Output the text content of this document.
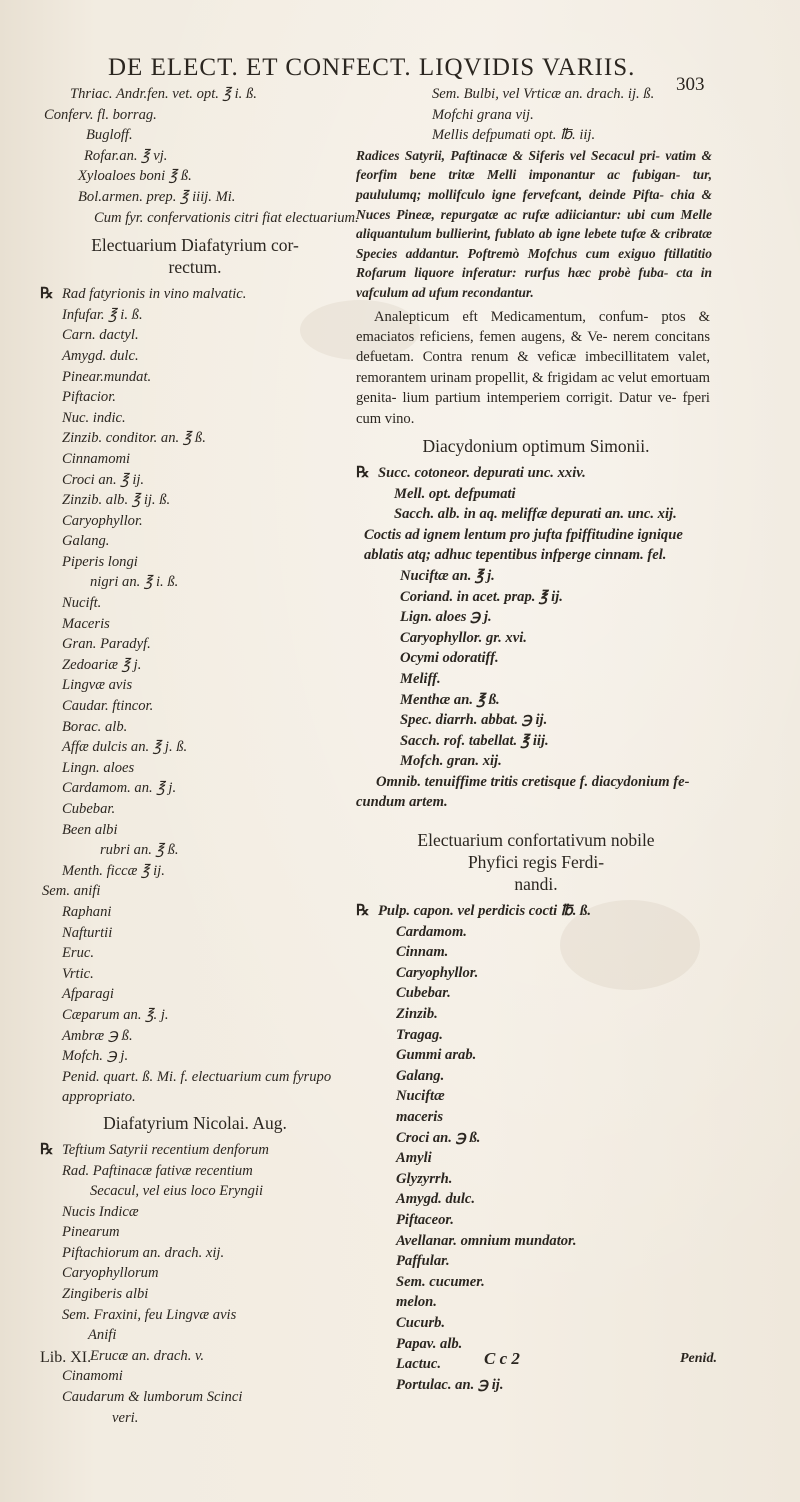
DE ELECT. ET CONFECT. LIQVIDIS VARIIS.
303
Thriac. Andr.fen. vet. opt. ℥ i. ß.
Conferv. fl. borrag.
Bugloff.
Rofar.an. ℥ vj.
Xyloaloes boni ℥ ß.
Bol.armen. prep. ℥ iiij. Mi.
Cum fyr. confervationis citri fiat electuarium.
Electuarium Diafatyrium cor-
rectum.
℞ Rad fatyrionis in vino malvatic.
Infufar. ℥ i. ß.
Carn. dactyl.
Amygd. dulc.
Pinear.mundat.
Piftacior.
Nuc. indic.
Zinzib. conditor. an. ℥ ß.
Cinnamomi
Croci an. ℥ ij.
Zinzib. alb. ℥ ij. ß.
Caryophyllor.
Galang.
Piperis longi
nigri an. ℥ i. ß.
Nucift.
Maceris
Gran. Paradyf.
Zedoariæ ℥ j.
Lingvæ avis
Caudar. ftincor.
Borac. alb.
Affæ dulcis an. ℥ j. ß.
Lingn. aloes
Cardamom. an. ℥ j.
Cubebar.
Been albi
rubri an. ℥ ß.
Menth. ficcæ ℥ ij.
Sem. anifi
Raphani
Nafturtii
Eruc.
Vrtic.
Afparagi
Cæparum an. ℥. j.
Ambræ ℈ ß.
Mofch. ℈ j.
Penid. quart. ß. Mi. f. electuarium cum fyrupo
appropriato.
Diafatyrium Nicolai. Aug.
℞ Teftium Satyrii recentium denforum
Rad. Paftinacæ fativæ recentium
Secacul, vel eius loco Eryngii
Nucis Indicæ
Pinearum
Piftachiorum an. drach. xij.
Caryophyllorum
Zingiberis albi
Sem. Fraxini, feu Lingvæ avis
Anifi
Erucæ an. drach. v.
Cinamomi
Caudarum & lumborum Scinci
veri.
Sem. Bulbi, vel Vrticæ an. drach. ij. ß.
Mofchi grana vij.
Mellis defpumati opt. ℔. iij.
Radices Satyrii, Paftinacæ & Siferis vel Secacul pri- vatim & feorfim bene tritæ Melli imponantur ac fubigan- tur, paululumq; mollifculo igne fervefcant, deinde Pifta- chia & Nuces Pineæ, repurgatæ ac rufæ adiiciantur: ubi cum Melle aliquantulum bullierint, fublato ab igne lebete tufæ & cribratæ Species addantur. Poftremò Mofchus cum exiguo ftillatitio Rofarum liquore inferatur: rurfus hæc probè fuba- cta in vafculum ad ufum recondantur.
Analepticum eft Medicamentum, confum- ptos & emaciatos reficiens, femen augens, & Ve- nerem concitans defuetam. Contra renum & veficæ imbecillitatem valet, remorantem urinam propellit, & frigidam ac velut emortuam genita- lium partium intemperiem corrigit. Datur ve- fperi cum vino.
Diacydonium optimum Simonii.
℞ Succ. cotoneor. depurati unc. xxiv.
Mell. opt. defpumati
Sacch. alb. in aq. meliffæ depurati an. unc. xij.
Coctis ad ignem lentum pro jufta fpiffitudine ignique
ablatis atq; adhuc tepentibus infperge cinnam. fel.
Nuciftæ an. ℥ j.
Coriand. in acet. prap. ℥ ij.
Lign. aloes ℈ j.
Caryophyllor. gr. xvi.
Ocymi odoratiff.
Meliff.
Menthæ an. ℥ ß.
Spec. diarrh. abbat. ℈ ij.
Sacch. rof. tabellat. ℥ iij.
Mofch. gran. xij.
Omnib. tenuiffime tritis cretisque f. diacydonium fe-
cundum artem.
Electuarium confortativum nobile
Phyfici regis Ferdi-
nandi.
℞ Pulp. capon. vel perdicis cocti ℔. ß.
Cardamom.
Cinnam.
Caryophyllor.
Cubebar.
Zinzib.
Tragag.
Gummi arab.
Galang.
Nuciftæ
maceris
Croci an. ℈ ß.
Amyli
Glyzyrrh.
Amygd. dulc.
Piftaceor.
Avellanar. omnium mundator.
Paffular.
Sem. cucumer.
melon.
Cucurb.
Papav. alb.
Lactuc.
Portulac. an. ℈ ij.
Lib. XI.	C c 2	Penid.
